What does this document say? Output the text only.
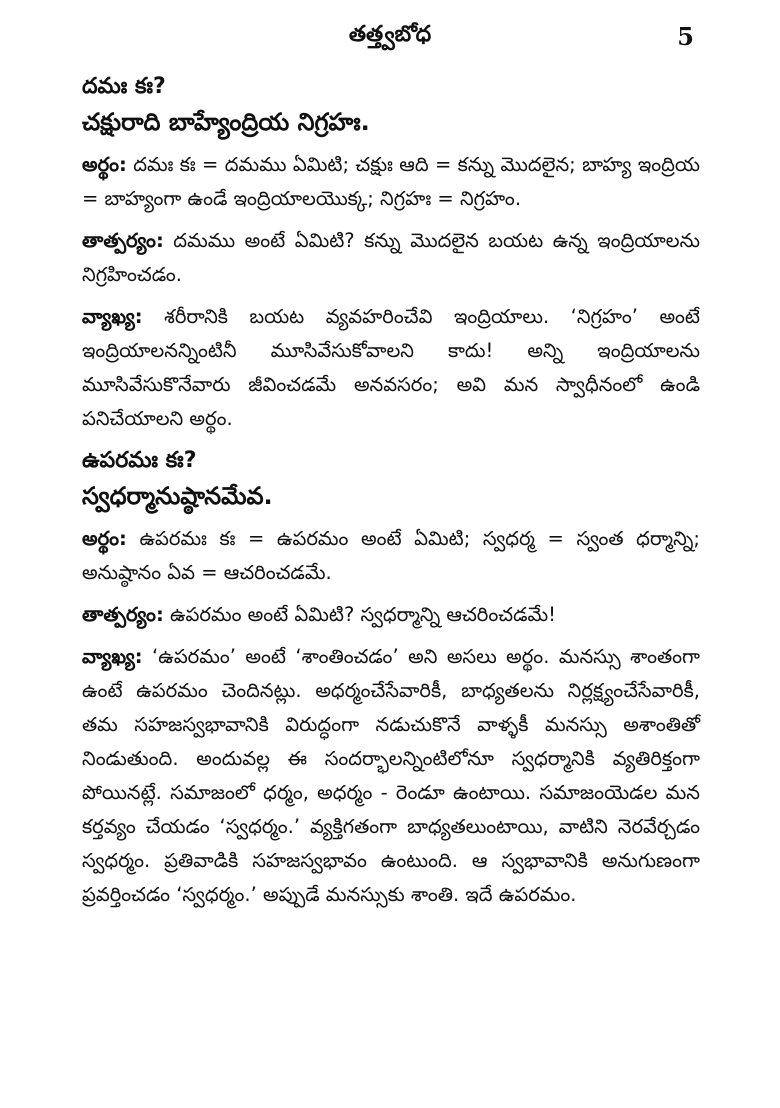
తత్త్వబోధ	5

దమః కః?

చక్షురాది బాహ్యేంద్రియ నిగ్రహః.

అర్థం: దమః కః = దమము ఏమిటి; చక్షుః ఆది = కన్ను మొదలైన; బాహ్య ఇంద్రియ = బాహ్యంగా ఉండే ఇంద్రియాలయొక్క; నిగ్రహః = నిగ్రహం.

తాత్పర్యం: దమము అంటే ఏమిటి? కన్ను మొదలైన బయట ఉన్న ఇంద్రియాలను నిగ్రహించడం.

వ్యాఖ్య: శరీరానికి బయట వ్యవహరించేవి ఇంద్రియాలు. ‘నిగ్రహం’ అంటే ఇంద్రియాలనన్నింటినీ మూసివేసుకోవాలని కాదు! అన్ని ఇంద్రియాలను మూసివేసుకొనేవారు జీవించడమే అనవసరం; అవి మన స్వాధీనంలో ఉండి పనిచేయాలని అర్థం.

ఉపరమః కః?

స్వధర్మానుష్ఠానమేవ.

అర్థం: ఉపరమః కః = ఉపరమం అంటే ఏమిటి; స్వధర్మ = స్వంత ధర్మాన్ని; అనుష్ఠానం ఏవ = ఆచరించడమే.

తాత్పర్యం: ఉపరమం అంటే ఏమిటి? స్వధర్మాన్ని ఆచరించడమే!

వ్యాఖ్య: ‘ఉపరమం’ అంటే ‘శాంతించడం’ అని అసలు అర్థం. మనస్సు శాంతంగా ఉంటే ఉపరమం చెందినట్లు. అధర్మంచేసేవారికీ, బాధ్యతలను నిర్లక్ష్యంచేసేవారికీ, తమ సహజస్వభావానికి విరుద్ధంగా నడుచుకొనే వాళ్ళకీ మనస్సు అశాంతితో నిండుతుంది. అందువల్ల ఈ సందర్భాలన్నింటిలోనూ స్వధర్మానికి వ్యతిరిక్తంగా పోయినట్లే. సమాజంలో ధర్మం, అధర్మం - రెండూ ఉంటాయి. సమాజంయెడల మన కర్తవ్యం చేయడం ‘స్వధర్మం.’ వ్యక్తిగతంగా బాధ్యతలుంటాయి, వాటిని నెరవేర్చడం స్వధర్మం. ప్రతివాడికి సహజస్వభావం ఉంటుంది. ఆ స్వభావానికి అనుగుణంగా ప్రవర్తించడం ‘స్వధర్మం.’ అప్పుడే మనస్సుకు శాంతి. ఇదే ఉపరమం.
